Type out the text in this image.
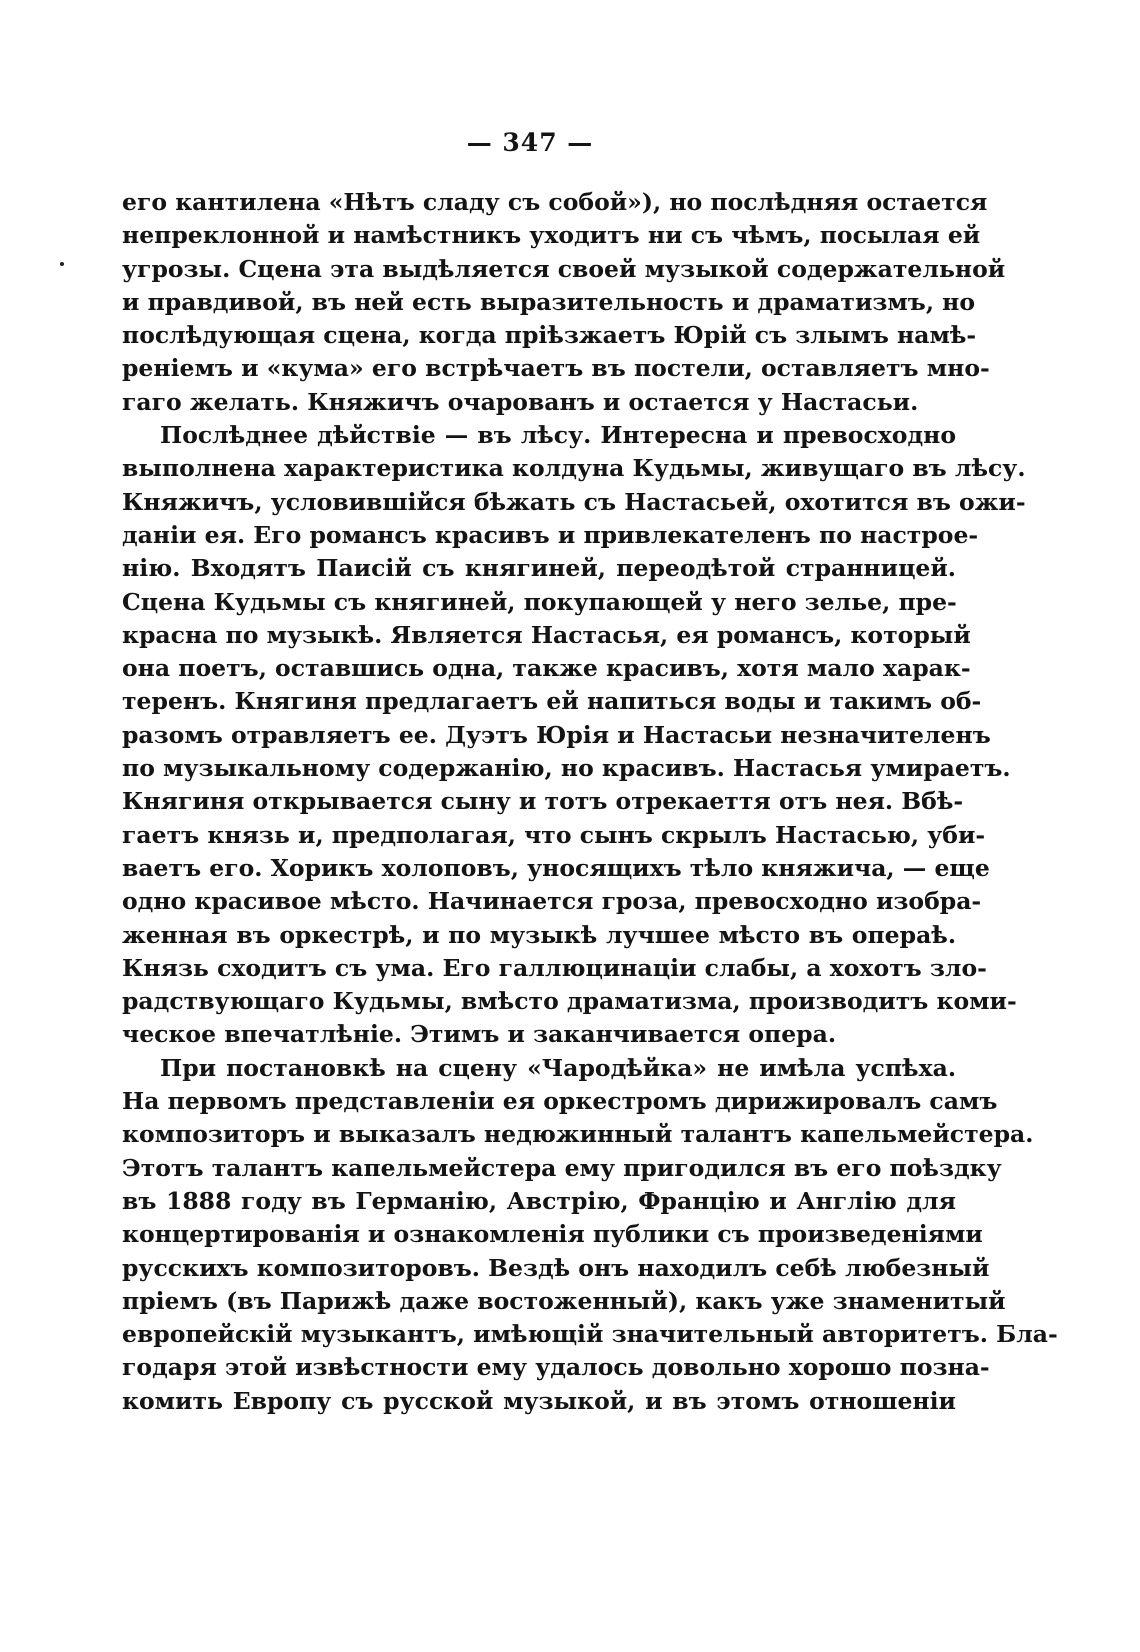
— 347 —
его кантилена «Нѣтъ сладу съ собой»), но послѣдняя остается
непреклонной и намѣстникъ уходитъ ни съ чѣмъ, посылая ей
угрозы. Сцена эта выдѣляется своей музыкой содержательной
и правдивой, въ ней есть выразительность и драматизмъ, но
послѣдующая сцена, когда прiѣзжаетъ Юрiй съ злымъ намѣ-
ренiемъ и «кума» его встрѣчаетъ въ постели, оставляетъ мно-
гаго желать. Княжичъ очарованъ и остается у Настасьи.
Послѣднее дѣйствiе — въ лѣсу. Интересна и превосходно
выполнена характеристика колдуна Кудьмы, живущаго въ лѣсу.
Княжичъ, условившiйся бѣжать съ Настасьей, охотится въ ожи-
даніи ея. Его романсъ красивъ и привлекателенъ по настрое-
нiю. Входятъ Паисiй съ княгиней, переодѣтой странницей.
Сцена Кудьмы съ княгиней, покупающей у него зелье, пре-
красна по музыкѣ. Является Настасья, ея романсъ, который
она поетъ, оставшись одна, также красивъ, хотя мало харак-
теренъ. Княгиня предлагаетъ ей напиться воды и такимъ об-
разомъ отравляетъ ее. Дуэтъ Юрiя и Настасьи незначителенъ
по музыкальному содержанiю, но красивъ. Настасья умираетъ.
Княгиня открывается сыну и тотъ отрекаеття отъ нея. Вбѣ-
гаетъ князь и, предполагая, что сынъ скрылъ Настасью, уби-
ваетъ его. Хорикъ холоповъ, уносящихъ тѣло княжича, — еще
одно красивое мѣсто. Начинается гроза, превосходно изобра-
женная въ оркестрѣ, и по музыкѣ лучшее мѣсто въ операѣ.
Князь сходитъ съ ума. Его галлюцинацiи слабы, а хохотъ зло-
радствующаго Кудьмы, вмѣсто драматизма, производитъ коми-
ческое впечатлѣнiе. Этимъ и заканчивается опера.
При постановкѣ на сцену «Чародѣйка» не имѣла успѣха.
На первомъ представленiи ея оркестромъ дирижировалъ самъ
композиторъ и выказалъ недюжинный талантъ капельмейстера.
Этотъ талантъ капельмейстера ему пригодился въ его поѣздку
въ 1888 году въ Германiю, Австрiю, Францiю и Англiю для
концертированiя и ознакомленiя публики съ произведенiями
русскихъ композиторовъ. Вездѣ онъ находилъ себѣ любезный
прiемъ (въ Парижѣ даже востоженный), какъ уже знаменитый
европейскiй музыкантъ, имѣющiй значительный авторитетъ. Бла-
годаря этой извѣстности ему удалось довольно хорошо позна-
комить Европу съ русской музыкой, и въ этомъ отношенiи
